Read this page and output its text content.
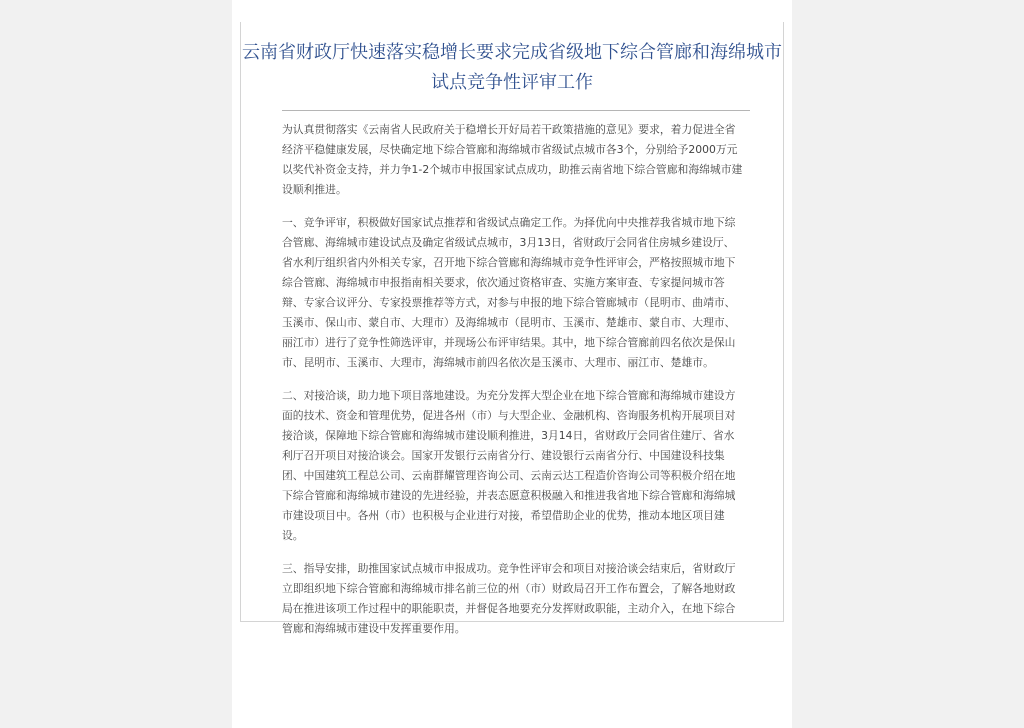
云南省财政厅快速落实稳增长要求完成省级地下综合管廊和海绵城市试点竞争性评审工作

为认真贯彻落实《云南省人民政府关于稳增长开好局若干政策措施的意见》要求，着力促进全省经济平稳健康发展，尽快确定地下综合管廊和海绵城市省级试点城市各3个，分别给予2000万元以奖代补资金支持，并力争1-2个城市申报国家试点成功，助推云南省地下综合管廊和海绵城市建设顺利推进。

一、竞争评审，积极做好国家试点推荐和省级试点确定工作。为择优向中央推荐我省城市地下综合管廊、海绵城市建设试点及确定省级试点城市，3月13日，省财政厅会同省住房城乡建设厅、省水利厅组织省内外相关专家，召开地下综合管廊和海绵城市竞争性评审会，严格按照城市地下综合管廊、海绵城市申报指南相关要求，依次通过资格审查、实施方案审查、专家提问城市答辩、专家合议评分、专家投票推荐等方式，对参与申报的地下综合管廊城市（昆明市、曲靖市、玉溪市、保山市、蒙自市、大理市）及海绵城市（昆明市、玉溪市、楚雄市、蒙自市、大理市、丽江市）进行了竞争性筛选评审，并现场公布评审结果。其中，地下综合管廊前四名依次是保山市、昆明市、玉溪市、大理市，海绵城市前四名依次是玉溪市、大理市、丽江市、楚雄市。

二、对接洽谈，助力地下项目落地建设。为充分发挥大型企业在地下综合管廊和海绵城市建设方面的技术、资金和管理优势，促进各州（市）与大型企业、金融机构、咨询服务机构开展项目对接洽谈，保障地下综合管廊和海绵城市建设顺利推进，3月14日，省财政厅会同省住建厅、省水利厅召开项目对接洽谈会。国家开发银行云南省分行、建设银行云南省分行、中国建设科技集团、中国建筑工程总公司、云南群耀管理咨询公司、云南云达工程造价咨询公司等积极介绍在地下综合管廊和海绵城市建设的先进经验，并表态愿意积极融入和推进我省地下综合管廊和海绵城市建设项目中。各州（市）也积极与企业进行对接，希望借助企业的优势，推动本地区项目建设。

三、指导安排，助推国家试点城市申报成功。竞争性评审会和项目对接洽谈会结束后，省财政厅立即组织地下综合管廊和海绵城市排名前三位的州（市）财政局召开工作布置会，了解各地财政局在推进该项工作过程中的职能职责，并督促各地要充分发挥财政职能，主动介入，在地下综合管廊和海绵城市建设中发挥重要作用。
